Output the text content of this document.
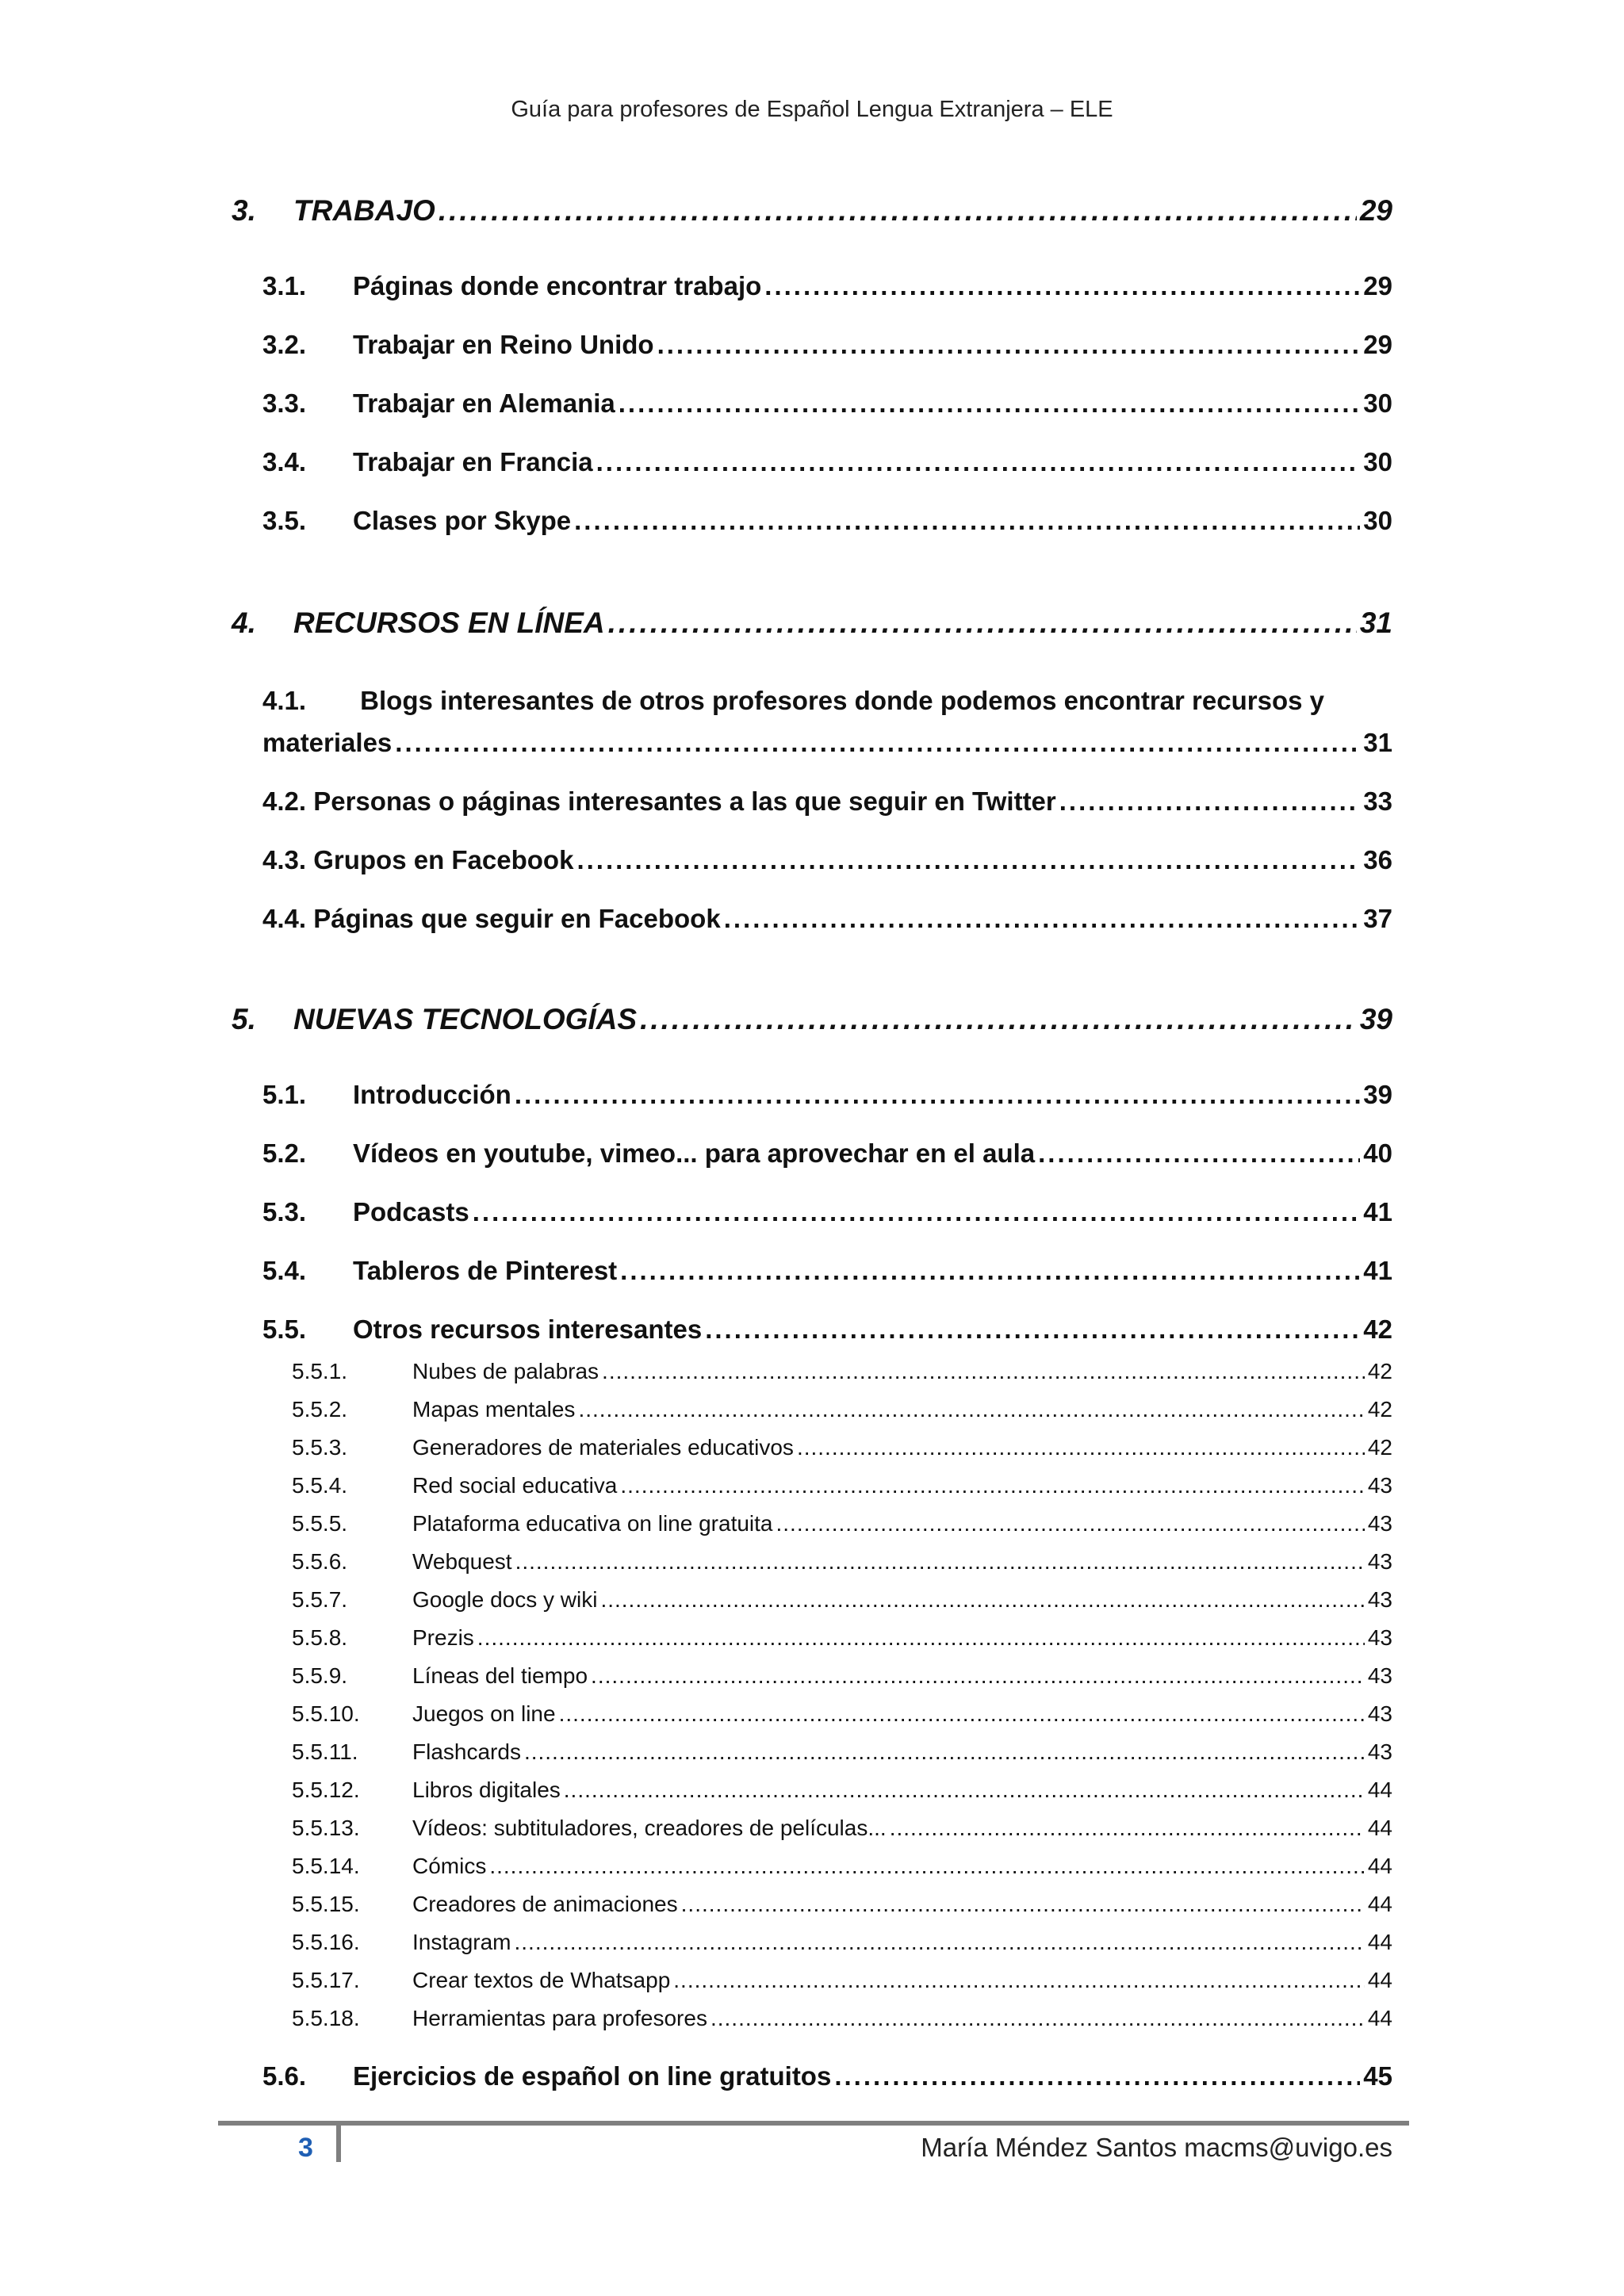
Guía para profesores de Español Lengua Extranjera – ELE
3.	TRABAJO .....	29
3.1.	Páginas donde encontrar trabajo .....	29
3.2.	Trabajar en Reino Unido .....	29
3.3.	Trabajar en Alemania .....	30
3.4.	Trabajar en Francia .....	30
3.5.	Clases por Skype .....	30
4.	RECURSOS EN LÍNEA .....	31
4.1. Blogs interesantes de otros profesores donde podemos encontrar recursos y
materiales .....	31
4.2. Personas o páginas interesantes a las que seguir en Twitter .....	33
4.3. Grupos en Facebook .....	36
4.4. Páginas que seguir en Facebook .....	37
5.	NUEVAS TECNOLOGÍAS .....	39
5.1.	Introducción .....	39
5.2.	Vídeos en youtube, vimeo... para aprovechar en el aula .....	40
5.3.	Podcasts .....	41
5.4.	Tableros de Pinterest .....	41
5.5.	Otros recursos interesantes .....	42
5.5.1.	Nubes de palabras .....	42
5.5.2.	Mapas mentales .....	42
5.5.3.	Generadores de materiales educativos .....	42
5.5.4.	Red social educativa .....	43
5.5.5.	Plataforma educativa on line gratuita .....	43
5.5.6.	Webquest .....	43
5.5.7.	Google docs y wiki .....	43
5.5.8.	Prezis .....	43
5.5.9.	Líneas del tiempo .....	43
5.5.10.	Juegos on line .....	43
5.5.11.	Flashcards .....	43
5.5.12.	Libros digitales .....	44
5.5.13.	Vídeos: subtituladores, creadores de películas... .....	44
5.5.14.	Cómics .....	44
5.5.15.	Creadores de animaciones .....	44
5.5.16.	Instagram .....	44
5.5.17.	Crear textos de Whatsapp .....	44
5.5.18.	Herramientas para profesores .....	44
5.6.	Ejercicios de español on line gratuitos .....	45
3	María Méndez Santos macms@uvigo.es
